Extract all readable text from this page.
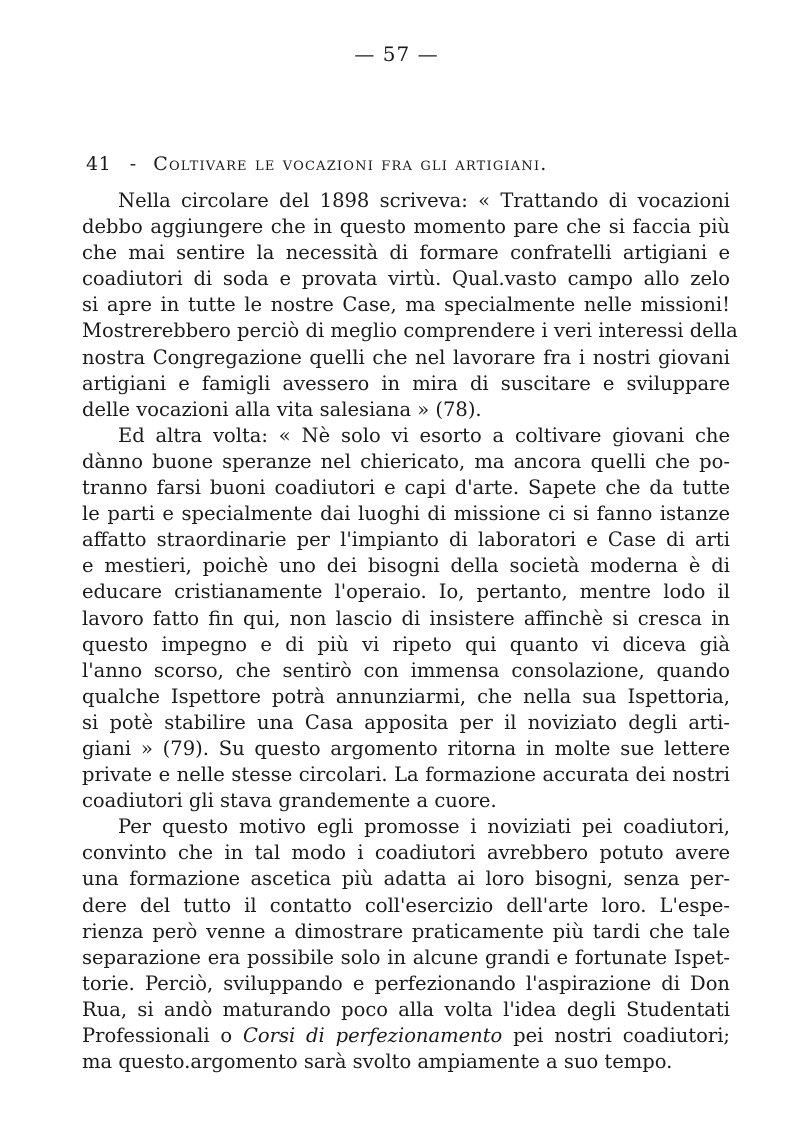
— 57 —
41 - Coltivare le vocazioni fra gli artigiani.
Nella circolare del 1898 scriveva: « Trattando di vocazioni
debbo aggiungere che in questo momento pare che si faccia più
che mai sentire la necessità di formare confratelli artigiani e
coadiutori di soda e provata virtù. Qual.vasto campo allo zelo
si apre in tutte le nostre Case, ma specialmente nelle missioni!
Mostrerebbero perciò di meglio comprendere i veri interessi della
nostra Congregazione quelli che nel lavorare fra i nostri giovani
artigiani e famigli avessero in mira di suscitare e sviluppare
delle vocazioni alla vita salesiana » (78).
Ed altra volta: « Nè solo vi esorto a coltivare giovani che
dànno buone speranze nel chiericato, ma ancora quelli che po-
tranno farsi buoni coadiutori e capi d'arte. Sapete che da tutte
le parti e specialmente dai luoghi di missione ci si fanno istanze
affatto straordinarie per l'impianto di laboratori e Case di arti
e mestieri, poichè uno dei bisogni della società moderna è di
educare cristianamente l'operaio. Io, pertanto, mentre lodo il
lavoro fatto fin qui, non lascio di insistere affinchè si cresca in
questo impegno e di più vi ripeto qui quanto vi diceva già
l'anno scorso, che sentirò con immensa consolazione, quando
qualche Ispettore potrà annunziarmi, che nella sua Ispettoria,
si potè stabilire una Casa apposita per il noviziato degli arti-
giani » (79). Su questo argomento ritorna in molte sue lettere
private e nelle stesse circolari. La formazione accurata dei nostri
coadiutori gli stava grandemente a cuore.
Per questo motivo egli promosse i noviziati pei coadiutori,
convinto che in tal modo i coadiutori avrebbero potuto avere
una formazione ascetica più adatta ai loro bisogni, senza per-
dere del tutto il contatto coll'esercizio dell'arte loro. L'espe-
rienza però venne a dimostrare praticamente più tardi che tale
separazione era possibile solo in alcune grandi e fortunate Ispet-
torie. Perciò, sviluppando e perfezionando l'aspirazione di Don
Rua, si andò maturando poco alla volta l'idea degli Studentati
Professionali o Corsi di perfezionamento pei nostri coadiutori;
ma questo.argomento sarà svolto ampiamente a suo tempo.
